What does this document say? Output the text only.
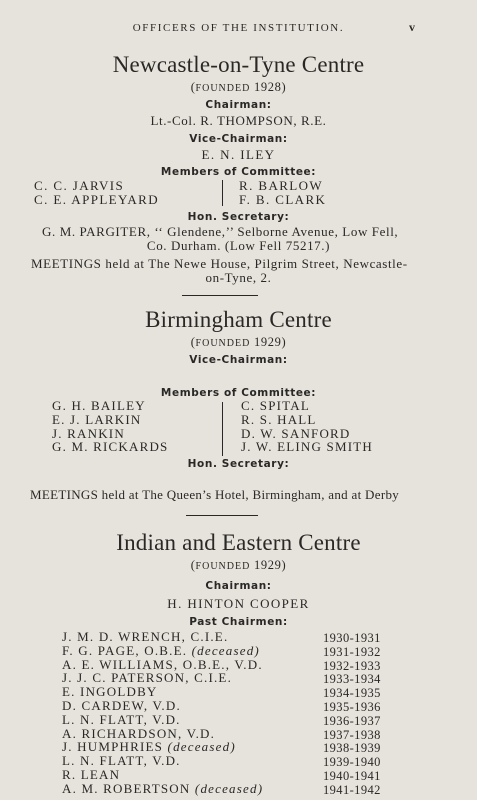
OFFICERS OF THE INSTITUTION.	v
Newcastle-on-Tyne Centre
(FOUNDED 1928)
Chairman:
Lt.-Col. R. THOMPSON, R.E.
Vice-Chairman:
E. N. ILEY
Members of Committee:
C. C. JARVIS
C. E. APPLEYARD
R. BARLOW
F. B. CLARK
Hon. Secretary:
G. M. PARGITER, ‘‘ Glendene,’’ Selborne Avenue, Low Fell,
Co. Durham. (Low Fell 75217.)
MEETINGS held at The Newe House, Pilgrim Street, Newcastle-
on-Tyne, 2.
Birmingham Centre
(FOUNDED 1929)
Vice-Chairman:
Members of Committee:
G. H. BAILEY
E. J. LARKIN
J. RANKIN
G. M. RICKARDS
C. SPITAL
R. S. HALL
D. W. SANFORD
J. W. ELING SMITH
Hon. Secretary:
MEETINGS held at The Queen’s Hotel, Birmingham, and at Derby
Indian and Eastern Centre
(FOUNDED 1929)
Chairman:
H. HINTON COOPER
Past Chairmen:
J. M. D. WRENCH, C.I.E.
F. G. PAGE, O.B.E. (deceased)
A. E. WILLIAMS, O.B.E., V.D.
J. J. C. PATERSON, C.I.E.
E. INGOLDBY
D. CARDEW, V.D.
L. N. FLATT, V.D.
A. RICHARDSON, V.D.
J. HUMPHRIES (deceased)
L. N. FLATT, V.D.
R. LEAN
A. M. ROBERTSON (deceased)
1930-1931
1931-1932
1932-1933
1933-1934
1934-1935
1935-1936
1936-1937
1937-1938
1938-1939
1939-1940
1940-1941
1941-1942
